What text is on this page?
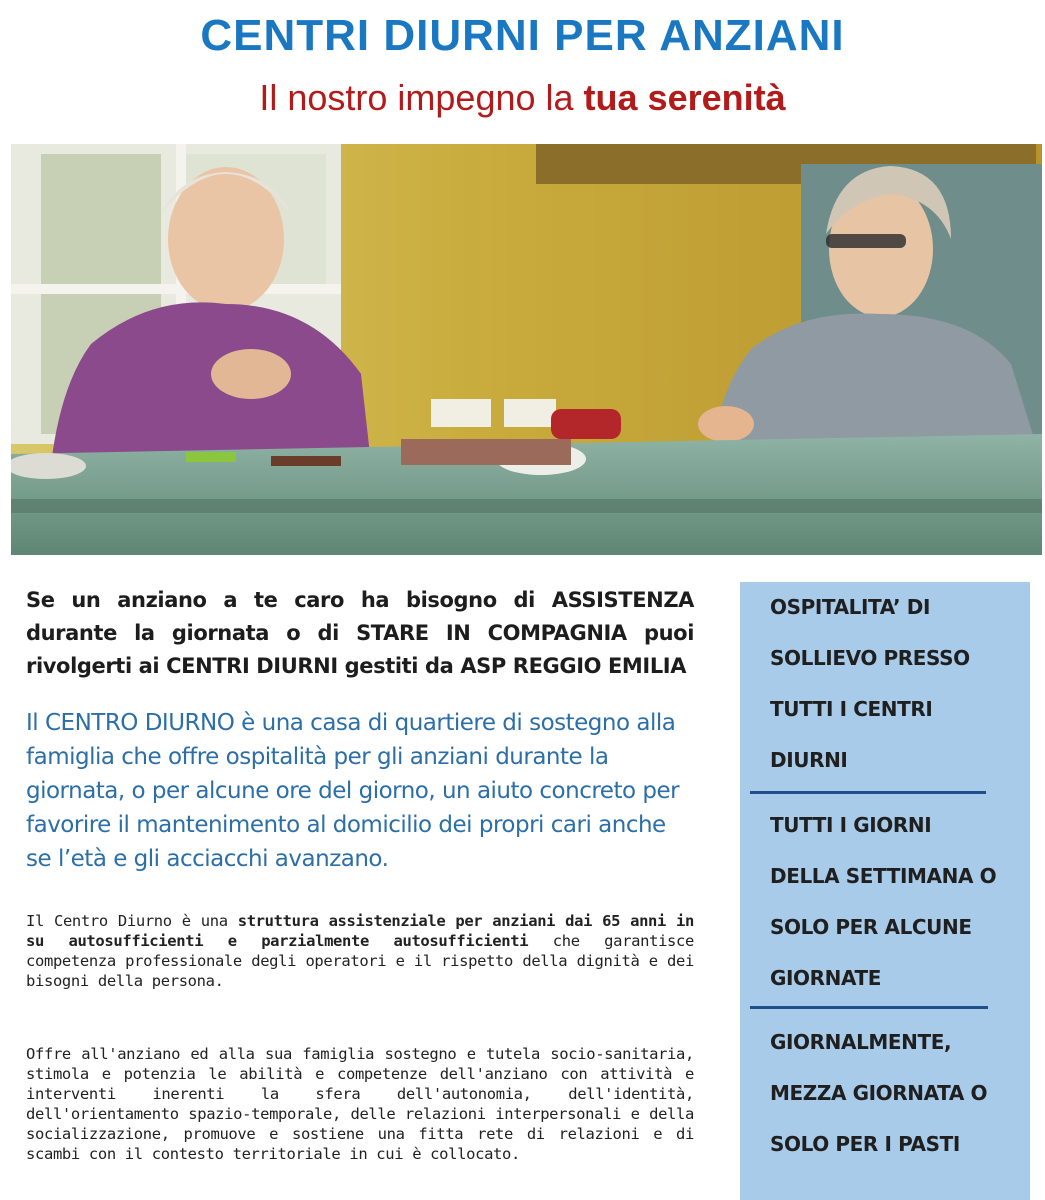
CENTRI DIURNI PER ANZIANI
Il nostro impegno la tua serenità

Se un anziano a te caro ha bisogno di ASSISTENZA durante la giornata o di STARE IN COMPAGNIA puoi rivolgerti ai CENTRI DIURNI gestiti da ASP REGGIO EMILIA

Il CENTRO DIURNO è una casa di quartiere di sostegno alla famiglia che offre ospitalità per gli anziani durante la giornata, o per alcune ore del giorno, un aiuto concreto per favorire il mantenimento al domicilio dei propri cari anche se l’età e gli acciacchi avanzano.

Il Centro Diurno è una struttura assistenziale per anziani dai 65 anni in su autosufficienti e parzialmente autosufficienti che garantisce competenza professionale degli operatori e il rispetto della dignità e dei bisogni della persona.

Offre all'anziano ed alla sua famiglia sostegno e tutela socio-sanitaria, stimola e potenzia le abilità e competenze dell'anziano con attività e interventi inerenti la sfera dell'autonomia, dell'identità, dell'orientamento spazio-temporale, delle relazioni interpersonali e della socializzazione, promuove e sostiene una fitta rete di relazioni e di scambi con il contesto territoriale in cui è collocato.

OSPITALITA’ DI
SOLLIEVO PRESSO
TUTTI I CENTRI
DIURNI
TUTTI I GIORNI
DELLA SETTIMANA O
SOLO PER ALCUNE
GIORNATE
GIORNALMENTE,
MEZZA GIORNATA O
SOLO PER I PASTI
